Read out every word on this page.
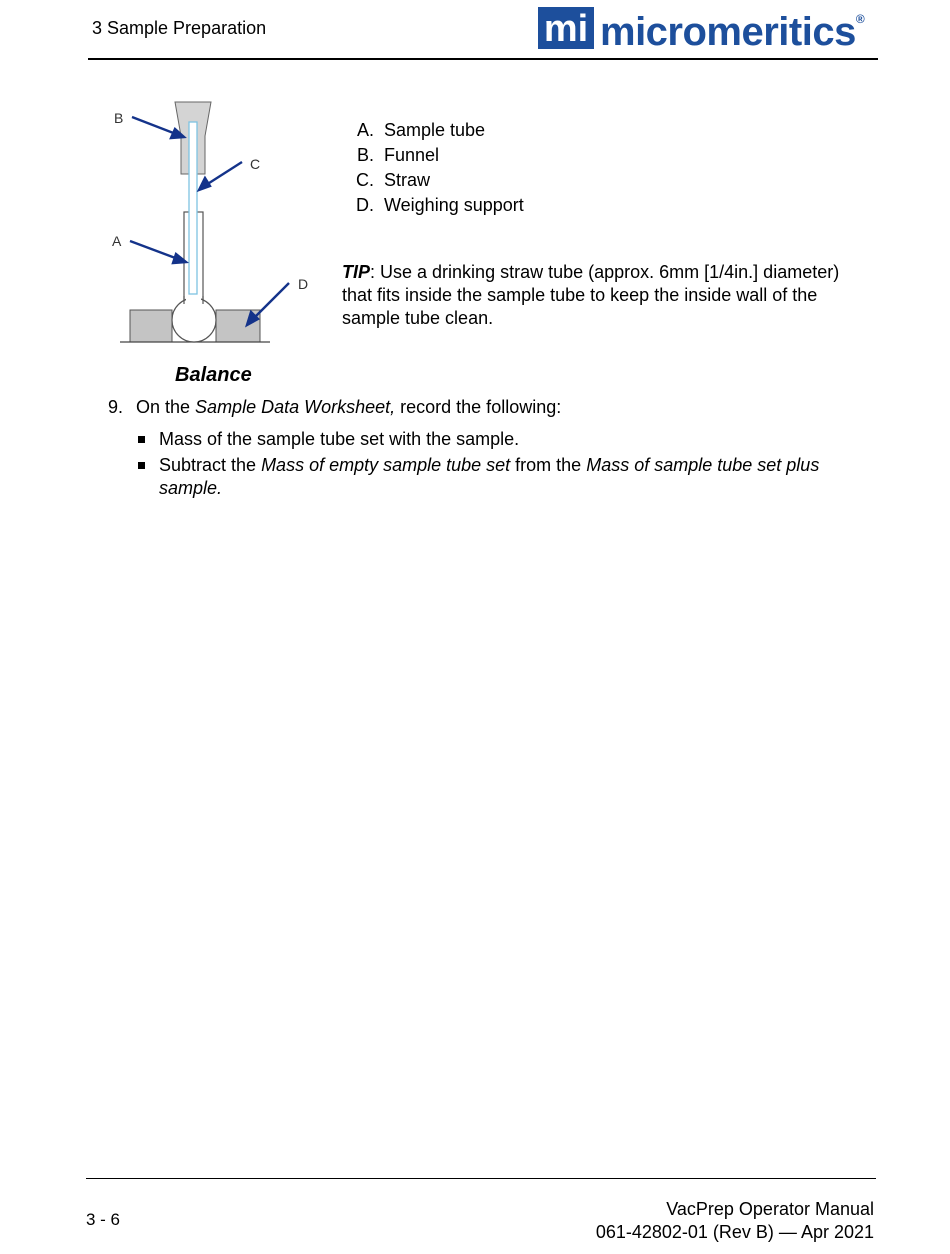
3 Sample Preparation	mi micromeritics®
B
C
A
D
Balance
A. Sample tube
B. Funnel
C. Straw
D. Weighing support
TIP: Use a drinking straw tube (approx. 6mm [1/4in.] diameter) that fits inside the sample tube to keep the inside wall of the sample tube clean.
9. On the Sample Data Worksheet, record the following:
Mass of the sample tube set with the sample.
Subtract the Mass of empty sample tube set from the Mass of sample tube set plus sample.
3 - 6
VacPrep Operator Manual
061-42802-01 (Rev B) — Apr 2021
